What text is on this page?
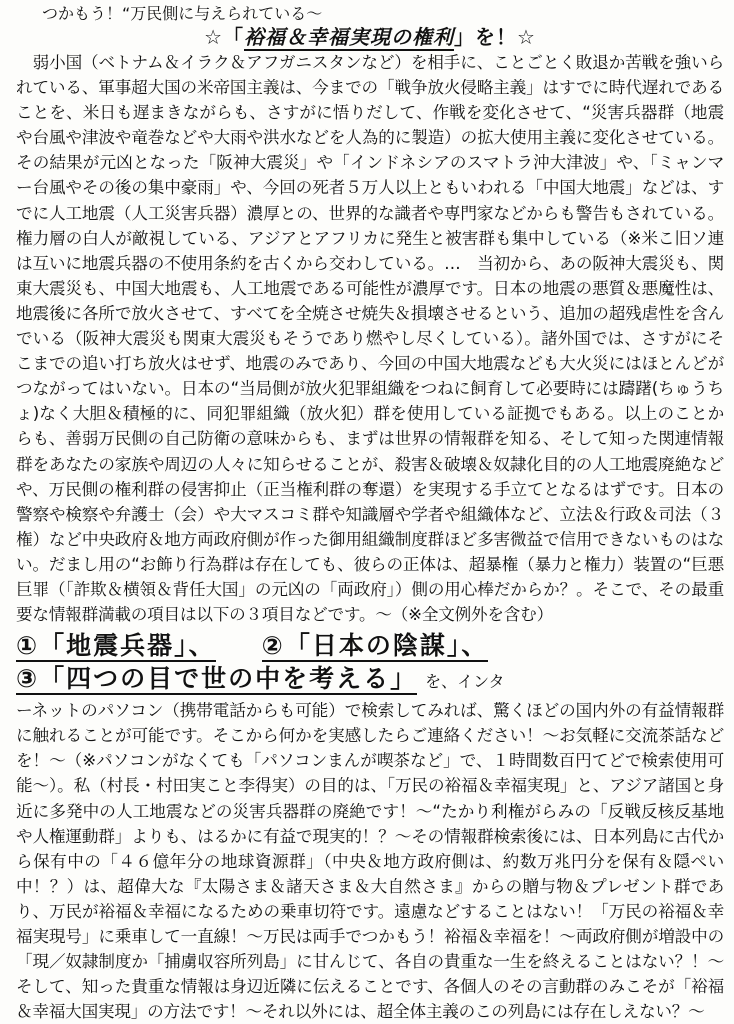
つかもう！“万民側に与えられている〜
☆「裕福＆幸福実現の権利」を！☆

弱小国（ベトナム＆イラク＆アフガニスタンなど）を相手に、ことごとく敗退か苦戦を強いられている、軍事超大国の米帝国主義は、今までの「戦争放火侵略主義」はすでに時代遅れであることを、米日も遅まきながらも、さすがに悟りだして、作戦を変化させて、“災害兵器群（地震や台風や津波や竜巻などや大雨や洪水などを人為的に製造）の拡大使用主義に変化させている。その結果が元凶となった「阪神大震災」や「インドネシアのスマトラ沖大津波」や、「ミャンマー台風やその後の集中豪雨」や、今回の死者５万人以上ともいわれる「中国大地震」などは、すでに人工地震（人工災害兵器）濃厚との、世界的な識者や専門家などからも警告もされている。権力層の白人が敵視している、アジアとアフリカに発生と被害群も集中している（※米こ旧ソ連は互いに地震兵器の不使用条約を古くから交わしている。…　当初から、あの阪神大震災も、関東大震災も、中国大地震も、人工地震である可能性が濃厚です。日本の地震の悪質＆悪魔性は、地震後に各所で放火させて、すべてを全焼させ焼失＆損壊させるという、追加の超残虐性を含んでいる（阪神大震災も関東大震災もそうであり燃やし尽くしている）。諸外国では、さすがにそこまでの追い打ち放火はせず、地震のみであり、今回の中国大地震なども大火災にはほとんどがつながってはいない。日本の“当局側が放火犯罪組織をつねに飼育して必要時には躊躇(ちゅうちょ)なく大胆＆積極的に、同犯罪組織（放火犯）群を使用している証拠でもある。以上のことからも、善弱万民側の自己防衛の意味からも、まずは世界の情報群を知る、そして知った関連情報群をあなたの家族や周辺の人々に知らせることが、殺害＆破壊＆奴隷化目的の人工地震廃絶などや、万民側の権利群の侵害抑止（正当権利群の奪還）を実現する手立てとなるはずです。日本の警察や検察や弁護士（会）や大マスコミ群や知識層や学者や組織体など、立法＆行政＆司法（３権）など中央政府＆地方両政府側が作った御用組織制度群ほど多害微益で信用できないものはない。だまし用の“お飾り行為群は存在しても、彼らの正体は、超暴権（暴力と権力）装置の“巨悪巨罪（「詐欺＆横領＆背任大国」の元凶の「両政府」）側の用心棒だからか？。そこで、その最重要な情報群満載の項目は以下の３項目などです。〜（※全文例外を含む）

①「地震兵器」、 ②「日本の陰謀」、
③「四つの目で世の中を考える」 を、インタ

ーネットのパソコン（携帯電話からも可能）で検索してみれば、驚くほどの国内外の有益情報群に触れることが可能です。そこから何かを実感したらご連絡ください！〜お気軽に交流茶話などを！〜（※パソコンがなくても「パソコンまんが喫茶など」で、１時間数百円てどで検索使用可能〜）。私（村長・村田実こと李得実）の目的は、「万民の裕福＆幸福実現」と、アジア諸国と身近に多発中の人工地震などの災害兵器群の廃絶です！〜“たかり利権がらみの「反戦反核反基地や人権運動群」よりも、はるかに有益で現実的！？〜その情報群検索後には、日本列島に古代から保有中の「４６億年分の地球資源群」（中央＆地方政府側は、約数万兆円分を保有＆隠ぺい中！？）は、超偉大な『太陽さま＆諸天さま＆大自然さま』からの贈与物＆プレゼント群であり、万民が裕福＆幸福になるための乗車切符です。遠慮などすることはない！「万民の裕福＆幸福実現号」に乗車して一直線！〜万民は両手でつかもう！裕福＆幸福を！〜両政府側が増設中の「現／奴隷制度か「捕虜収容所列島」に甘んじて、各自の貴重な一生を終えることはない？！〜そして、知った貴重な情報は身辺近隣に伝えることです、各個人のその言動群のみこそが「裕福＆幸福大国実現」の方法です！〜それ以外には、超全体主義のこの列島には存在しえない？〜
